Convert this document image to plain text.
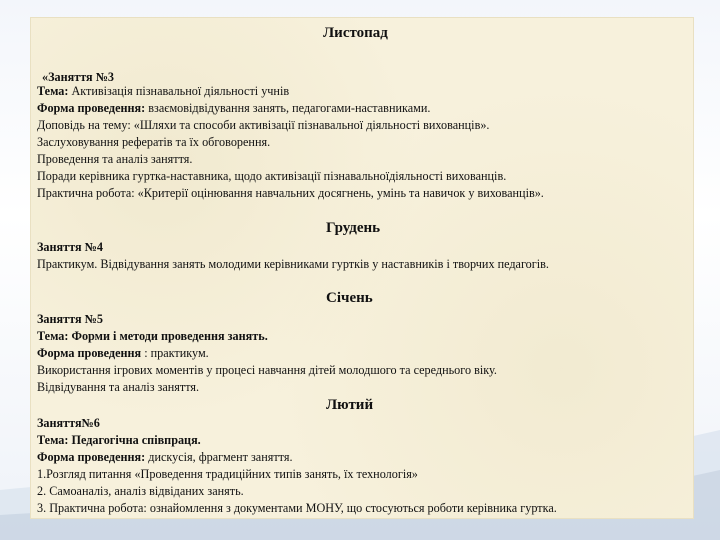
Листопад
«Заняття №3
Тема: Активізація пізнавальної діяльності учнів
Форма проведення: взаємовідвідування занять, педагогами-наставниками.
Доповідь на тему: «Шляхи та способи активізації пізнавальної діяльності вихованців».
Заслуховування рефератів та їх обговорення.
Проведення та аналіз заняття.
Поради керівника гуртка-наставника, щодо активізації пізнавальноїдіяльності вихованців.
Практична робота: «Критерії оцінювання навчальних досягнень, умінь та навичок у вихованців».
Грудень
Заняття №4
Практикум. Відвідування занять молодими керівниками гуртків у наставників і творчих педагогів.
Січень
Заняття №5
Тема: Форми і методи проведення занять.
Форма проведення : практикум.
Використання ігрових моментів у процесі навчання дітей молодшого та середнього віку.
Відвідування та аналіз заняття.
Лютий
Заняття№6
Тема: Педагогічна співпраця.
Форма проведення: дискусія, фрагмент заняття.
1.Розгляд питання «Проведення традиційних типів занять, їх технологія»
2. Самоаналіз, аналіз відвіданих занять.
3. Практична робота: ознайомлення з документами МОНУ, що стосуються роботи керівника гуртка.
